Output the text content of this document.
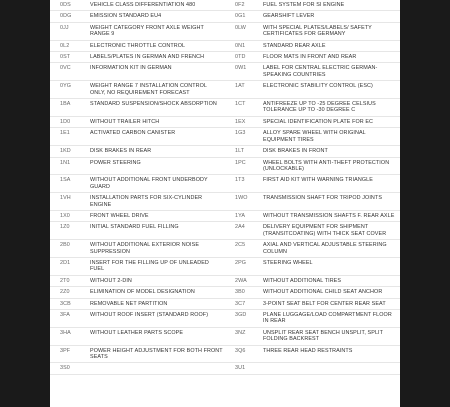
0DS	VEHICLE CLASS DIFFERENTIATION 480	0F2	FUEL SYSTEM FOR SI ENGINE
0DG	EMISSION STANDARD EU4	0G1	GEARSHIFT LEVER
0JJ	WEIGHT CATEGORY FRONT AXLE WEIGHT RANGE 9	0LW	WITH SPECIAL PLATES/LABELS/ SAFETY CERTIFICATES FOR GERMANY
0L2	ELECTRONIC THROTTLE CONTROL	0N1	STANDARD REAR AXLE
0ST	LABELS/PLATES IN GERMAN AND FRENCH	0TD	FLOOR MATS IN FRONT AND REAR
0VC	INFORMATION KIT IN GERMAN	0W1	LABEL FOR CENTRAL ELECTRIC GERMAN-SPEAKING COUNTRIES
0YG	WEIGHT RANGE 7 INSTALLATION CONTROL ONLY, NO REQUIREMENT FORECAST	1AT	ELECTRONIC STABILITY CONTROL (ESC)
1BA	STANDARD SUSPENSION/SHOCK ABSORPTION	1CT	ANTIFREEZE UP TO -25 DEGREE CELSIUS TOLERANCE UP TO -30 DEGREE C
1D0	WITHOUT TRAILER HITCH	1EX	SPECIAL IDENTIFICATION PLATE FOR EC
1E1	ACTIVATED CARBON CANISTER	1G3	ALLOY SPARE WHEEL WITH ORIGINAL EQUIPMENT TIRES
1KD	DISK BRAKES IN REAR	1LT	DISK BRAKES IN FRONT
1N1	POWER STEERING	1PC	WHEEL BOLTS WITH ANTI-THEFT PROTECTION (UNLOCKABLE)
1SA	WITHOUT ADDITIONAL FRONT UNDERBODY GUARD	1T3	FIRST AID KIT WITH WARNING TRIANGLE
1VH	INSTALLATION PARTS FOR SIX-CYLINDER ENGINE	1WO	TRANSMISSION SHAFT FOR TRIPOD JOINTS
1X0	FRONT WHEEL DRIVE	1YA	WITHOUT TRANSMISSION SHAFTS F. REAR AXLE
1Z0	INITIAL STANDARD FUEL FILLING	2A4	DELIVERY EQUIPMENT FOR SHIPMENT (TRANSITCOATING) WITH THICK SEAT COVER
2B0	WITHOUT ADDITIONAL EXTERIOR NOISE SUPPRESSION	2C5	AXIAL AND VERTICAL ADJUSTABLE STEERING COLUMN
2D1	INSERT FOR THE FILLING UP OF UNLEADED FUEL	2PG	STEERING WHEEL
2T0	WITHOUT 2-DIN	2WA	WITHOUT ADDITIONAL TIRES
2Z0	ELIMINATION OF MODEL DESIGNATION	3B0	WITHOUT ADDITIONAL CHILD SEAT ANCHOR
3CB	REMOVABLE NET PARTITION	3C7	3-POINT SEAT BELT FOR CENTER REAR SEAT
3FA	WITHOUT ROOF INSERT (STANDARD ROOF)	3GD	PLANE LUGGAGE/LOAD COMPARTMENT FLOOR IN REAR
3HA	WITHOUT LEATHER PARTS SCOPE	3NZ	UNSPLIT REAR SEAT BENCH UNSPLIT, SPLIT FOLDING BACKREST
3PF	POWER HEIGHT ADJUSTMENT FOR BOTH FRONT SEATS	3Q6	THREE REAR HEAD RESTRAINTS
3S0		3U1	
